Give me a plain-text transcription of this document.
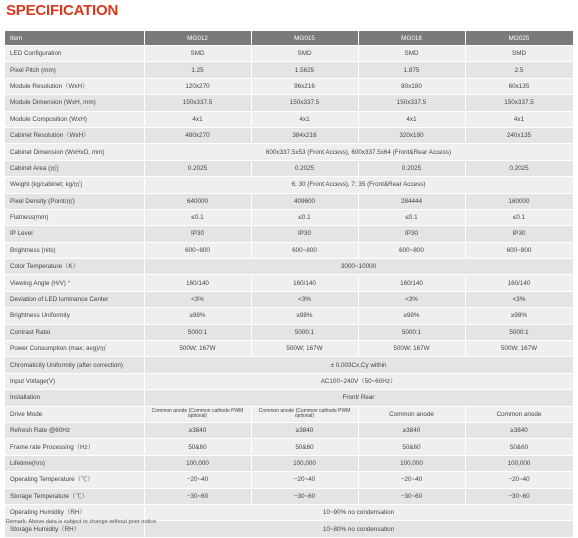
SPECIFICATION
Item	MG012	MG015	MG018	MG025
LED Configuration	SMD	SMD	SMD	SMD
Pixel Pitch (mm)	1.25	1.5625	1.875	2.5
Module Resolution（WxH）	120x270	96x216	80x180	60x135
Module Dimension (WxH, mm)	150x337.5	150x337.5	150x337.5	150x337.5
Module Composition (WxH)	4x1	4x1	4x1	4x1
Cabinet Resolution（WxH）	480x270	384x216	320x180	240x135
Cabinet Dimension (WxHxD, mm)	600x337.5x53 (Front Access), 600x337.5x64 (Front&Rear Access)			
Cabinet Area (㎡)	0.2025	0.2025	0.2025	0.2025
Weight (kg/cabinet; kg/㎡)	6; 30 (Front Access), 7; 35 (Front&Rear Access)			
Pixel Density (Point/㎡)	640000	409600	284444	160000
Flatness(mm)	≤0.1	≤0.1	≤0.1	≤0.1
IP Level	IP30	IP30	IP30	IP30
Brightness (nits)	600~800	600~800	600~800	600~800
Color Temperature（K）	3000~10000			
Viewing Angle (H/V) °	160/140	160/140	160/140	160/140
Deviation of LED luminance Center	<3%	<3%	<3%	<3%
Brightness Uniformity	≥98%	≥98%	≥98%	≥98%
Contrast Ratio	5000:1	5000:1	5000:1	5000:1
Power Consumption (max; avg)/㎡	500W; 167W	500W; 167W	500W; 167W	500W; 167W
Chromaticity Uniformity (after correction)	± 0.003Cx,Cy within			
Input Voltage(V)	AC100~240V（50~60Hz）			
Installation	Front/ Rear			
Drive Mode	Common anode (Common cathode PWM optional)	Common anode (Common cathode PWM optional)	Common anode	Common anode
Refresh Rate @60Hz	≥3840	≥3840	≥3840	≥3840
Frame rate Processing（Hz）	50&60	50&60	50&60	50&60
Lifetime(hrs)	100,000	100,000	100,000	100,000
Operating Temperature（℃）	−20~40	−20~40	−20~40	−20~40
Storage Temperature（℃）	−30~60	−30~60	−30~60	−30~60
Operating Humidity（RH）	10~90% no condensation			
Storage Humidity（RH）	10~80% no condensation			
Remark: Above data is subject to change without prior notice
